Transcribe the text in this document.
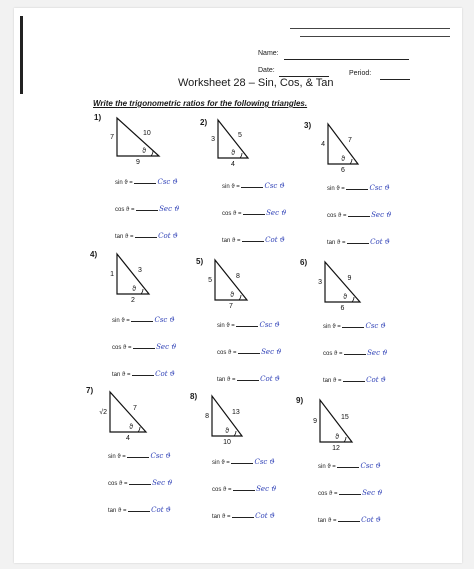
Name:
Date:	Period:
Worksheet 28 – Sin, Cos, & Tan
Write the trigonometric ratios for the following triangles.
1)
7
9
10
ϑ
sin ϑ =	Csc ϑ
cos ϑ =	Sec ϑ
tan ϑ =	Cot ϑ
2)
3
4
5
ϑ
sin ϑ =	Csc ϑ
cos ϑ =	Sec ϑ
tan ϑ =	Cot ϑ
3)
4
6
7
ϑ
sin ϑ =	Csc ϑ
cos ϑ =	Sec ϑ
tan ϑ =	Cot ϑ
4)
1
2
3
ϑ
sin ϑ =	Csc ϑ
cos ϑ =	Sec ϑ
tan ϑ =	Cot ϑ
5)
5
7
8
ϑ
sin ϑ =	Csc ϑ
cos ϑ =	Sec ϑ
tan ϑ =	Cot ϑ
6)
3
6
9
ϑ
sin ϑ =	Csc ϑ
cos ϑ =	Sec ϑ
tan ϑ =	Cot ϑ
7)
√2
4
7
ϑ
sin ϑ =	Csc ϑ
cos ϑ =	Sec ϑ
tan ϑ =	Cot ϑ
8)
8
10
13
ϑ
sin ϑ =	Csc ϑ
cos ϑ =	Sec ϑ
tan ϑ =	Cot ϑ
9)
9
12
15
ϑ
sin ϑ =	Csc ϑ
cos ϑ =	Sec ϑ
tan ϑ =	Cot ϑ
